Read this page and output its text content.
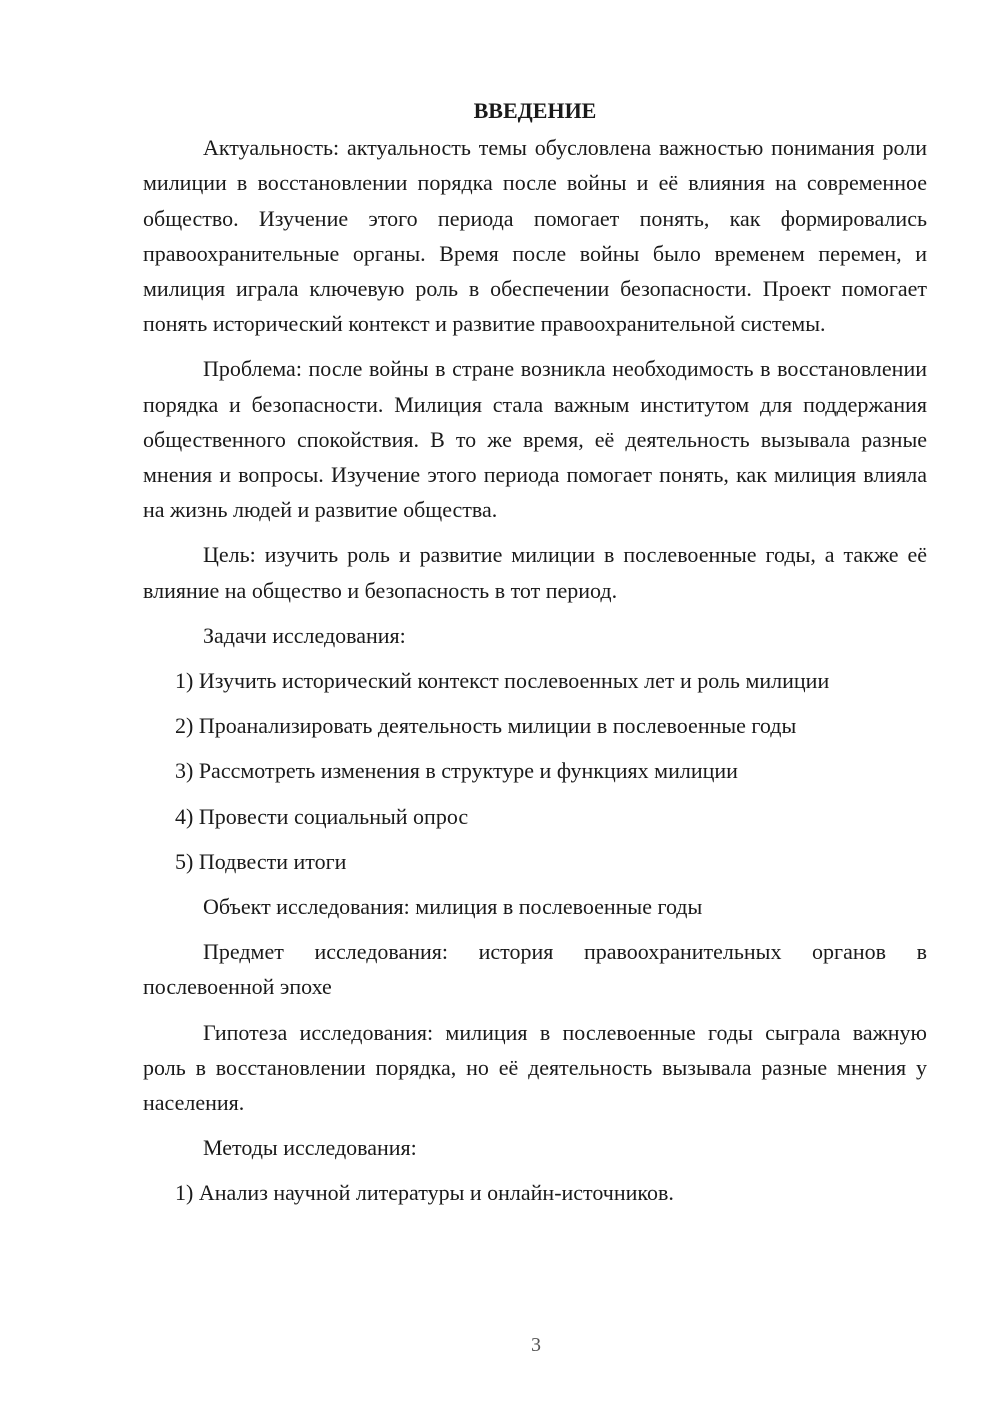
ВВЕДЕНИЕ

Актуальность: актуальность темы обусловлена важностью понимания роли милиции в восстановлении порядка после войны и её влияния на современное общество. Изучение этого периода помогает понять, как формировались правоохранительные органы. Время после войны было временем перемен, и милиция играла ключевую роль в обеспечении безопасности. Проект помогает понять исторический контекст и развитие правоохранительной системы.

Проблема: после войны в стране возникла необходимость в восстановлении порядка и безопасности. Милиция стала важным институтом для поддержания общественного спокойствия. В то же время, её деятельность вызывала разные мнения и вопросы. Изучение этого периода помогает понять, как милиция влияла на жизнь людей и развитие общества.

Цель: изучить роль и развитие милиции в послевоенные годы, а также её влияние на общество и безопасность в тот период.

Задачи исследования:
1) Изучить исторический контекст послевоенных лет и роль милиции
2) Проанализировать деятельность милиции в послевоенные годы
3) Рассмотреть изменения в структуре и функциях милиции
4) Провести социальный опрос
5) Подвести итоги
Объект исследования: милиция в послевоенные годы

Предмет исследования: история правоохранительных органов в послевоенной эпохе

Гипотеза исследования: милиция в послевоенные годы сыграла важную роль в восстановлении порядка, но её деятельность вызывала разные мнения у населения.

Методы исследования:
1) Анализ научной литературы и онлайн-источников.
3
